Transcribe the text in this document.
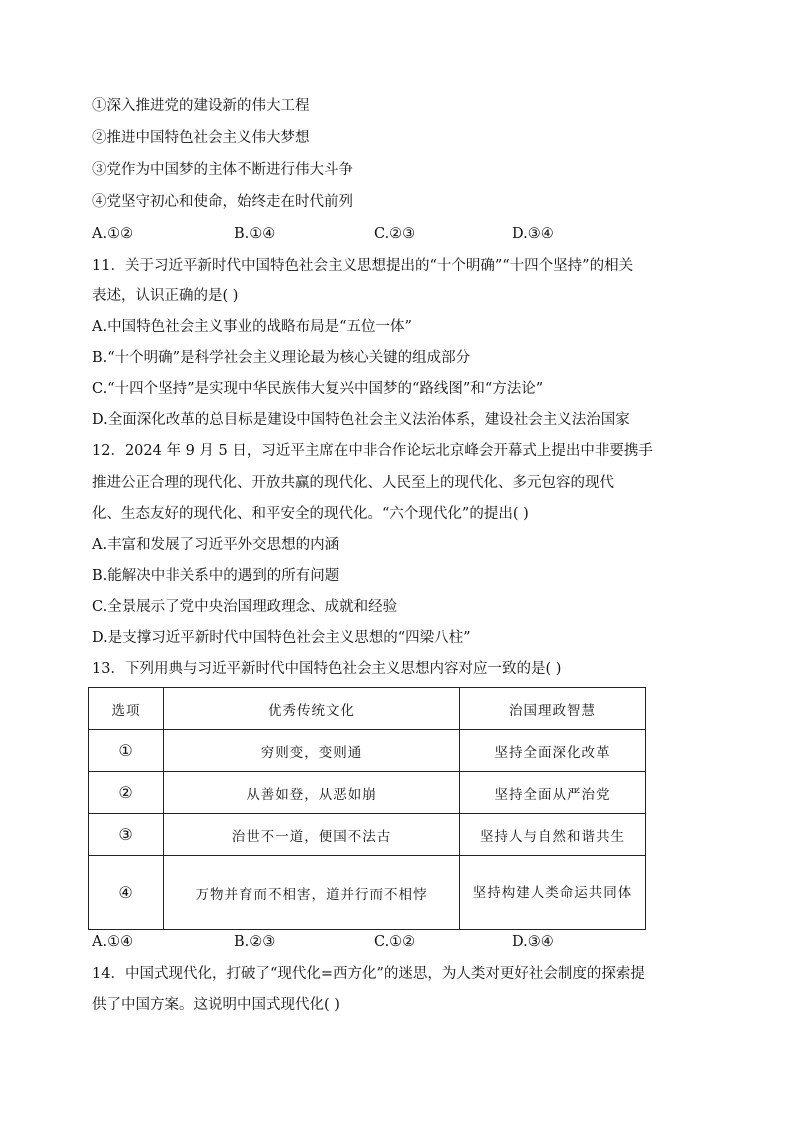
①深入推进党的建设新的伟大工程
②推进中国特色社会主义伟大梦想
③党作为中国梦的主体不断进行伟大斗争
④党坚守初心和使命，始终走在时代前列
A.①②	B.①④	C.②③	D.③④
11．关于习近平新时代中国特色社会主义思想提出的“十个明确”“十四个坚持”的相关
表述，认识正确的是( )
A.中国特色社会主义事业的战略布局是“五位一体”
B.“十个明确”是科学社会主义理论最为核心关键的组成部分
C.“十四个坚持”是实现中华民族伟大复兴中国梦的“路线图”和“方法论”
D.全面深化改革的总目标是建设中国特色社会主义法治体系，建设社会主义法治国家
12．2024 年 9 月 5 日，习近平主席在中非合作论坛北京峰会开幕式上提出中非要携手
推进公正合理的现代化、开放共赢的现代化、人民至上的现代化、多元包容的现代
化、生态友好的现代化、和平安全的现代化。“六个现代化”的提出( )
A.丰富和发展了习近平外交思想的内涵
B.能解决中非关系中的遇到的所有问题
C.全景展示了党中央治国理政理念、成就和经验
D.是支撑习近平新时代中国特色社会主义思想的“四梁八柱”
13．下列用典与习近平新时代中国特色社会主义思想内容对应一致的是( )
选项	优秀传统文化	治国理政智慧
①	穷则变，变则通	坚持全面深化改革
②	从善如登，从恶如崩	坚持全面从严治党
③	治世不一道，便国不法古	坚持人与自然和谐共生
④	万物并育而不相害，道并行而不相悖	坚持构建人类命运共同体
A.①④	B.②③	C.①②	D.③④
14．中国式现代化，打破了“现代化=西方化”的迷思，为人类对更好社会制度的探索提
供了中国方案。这说明中国式现代化( )
